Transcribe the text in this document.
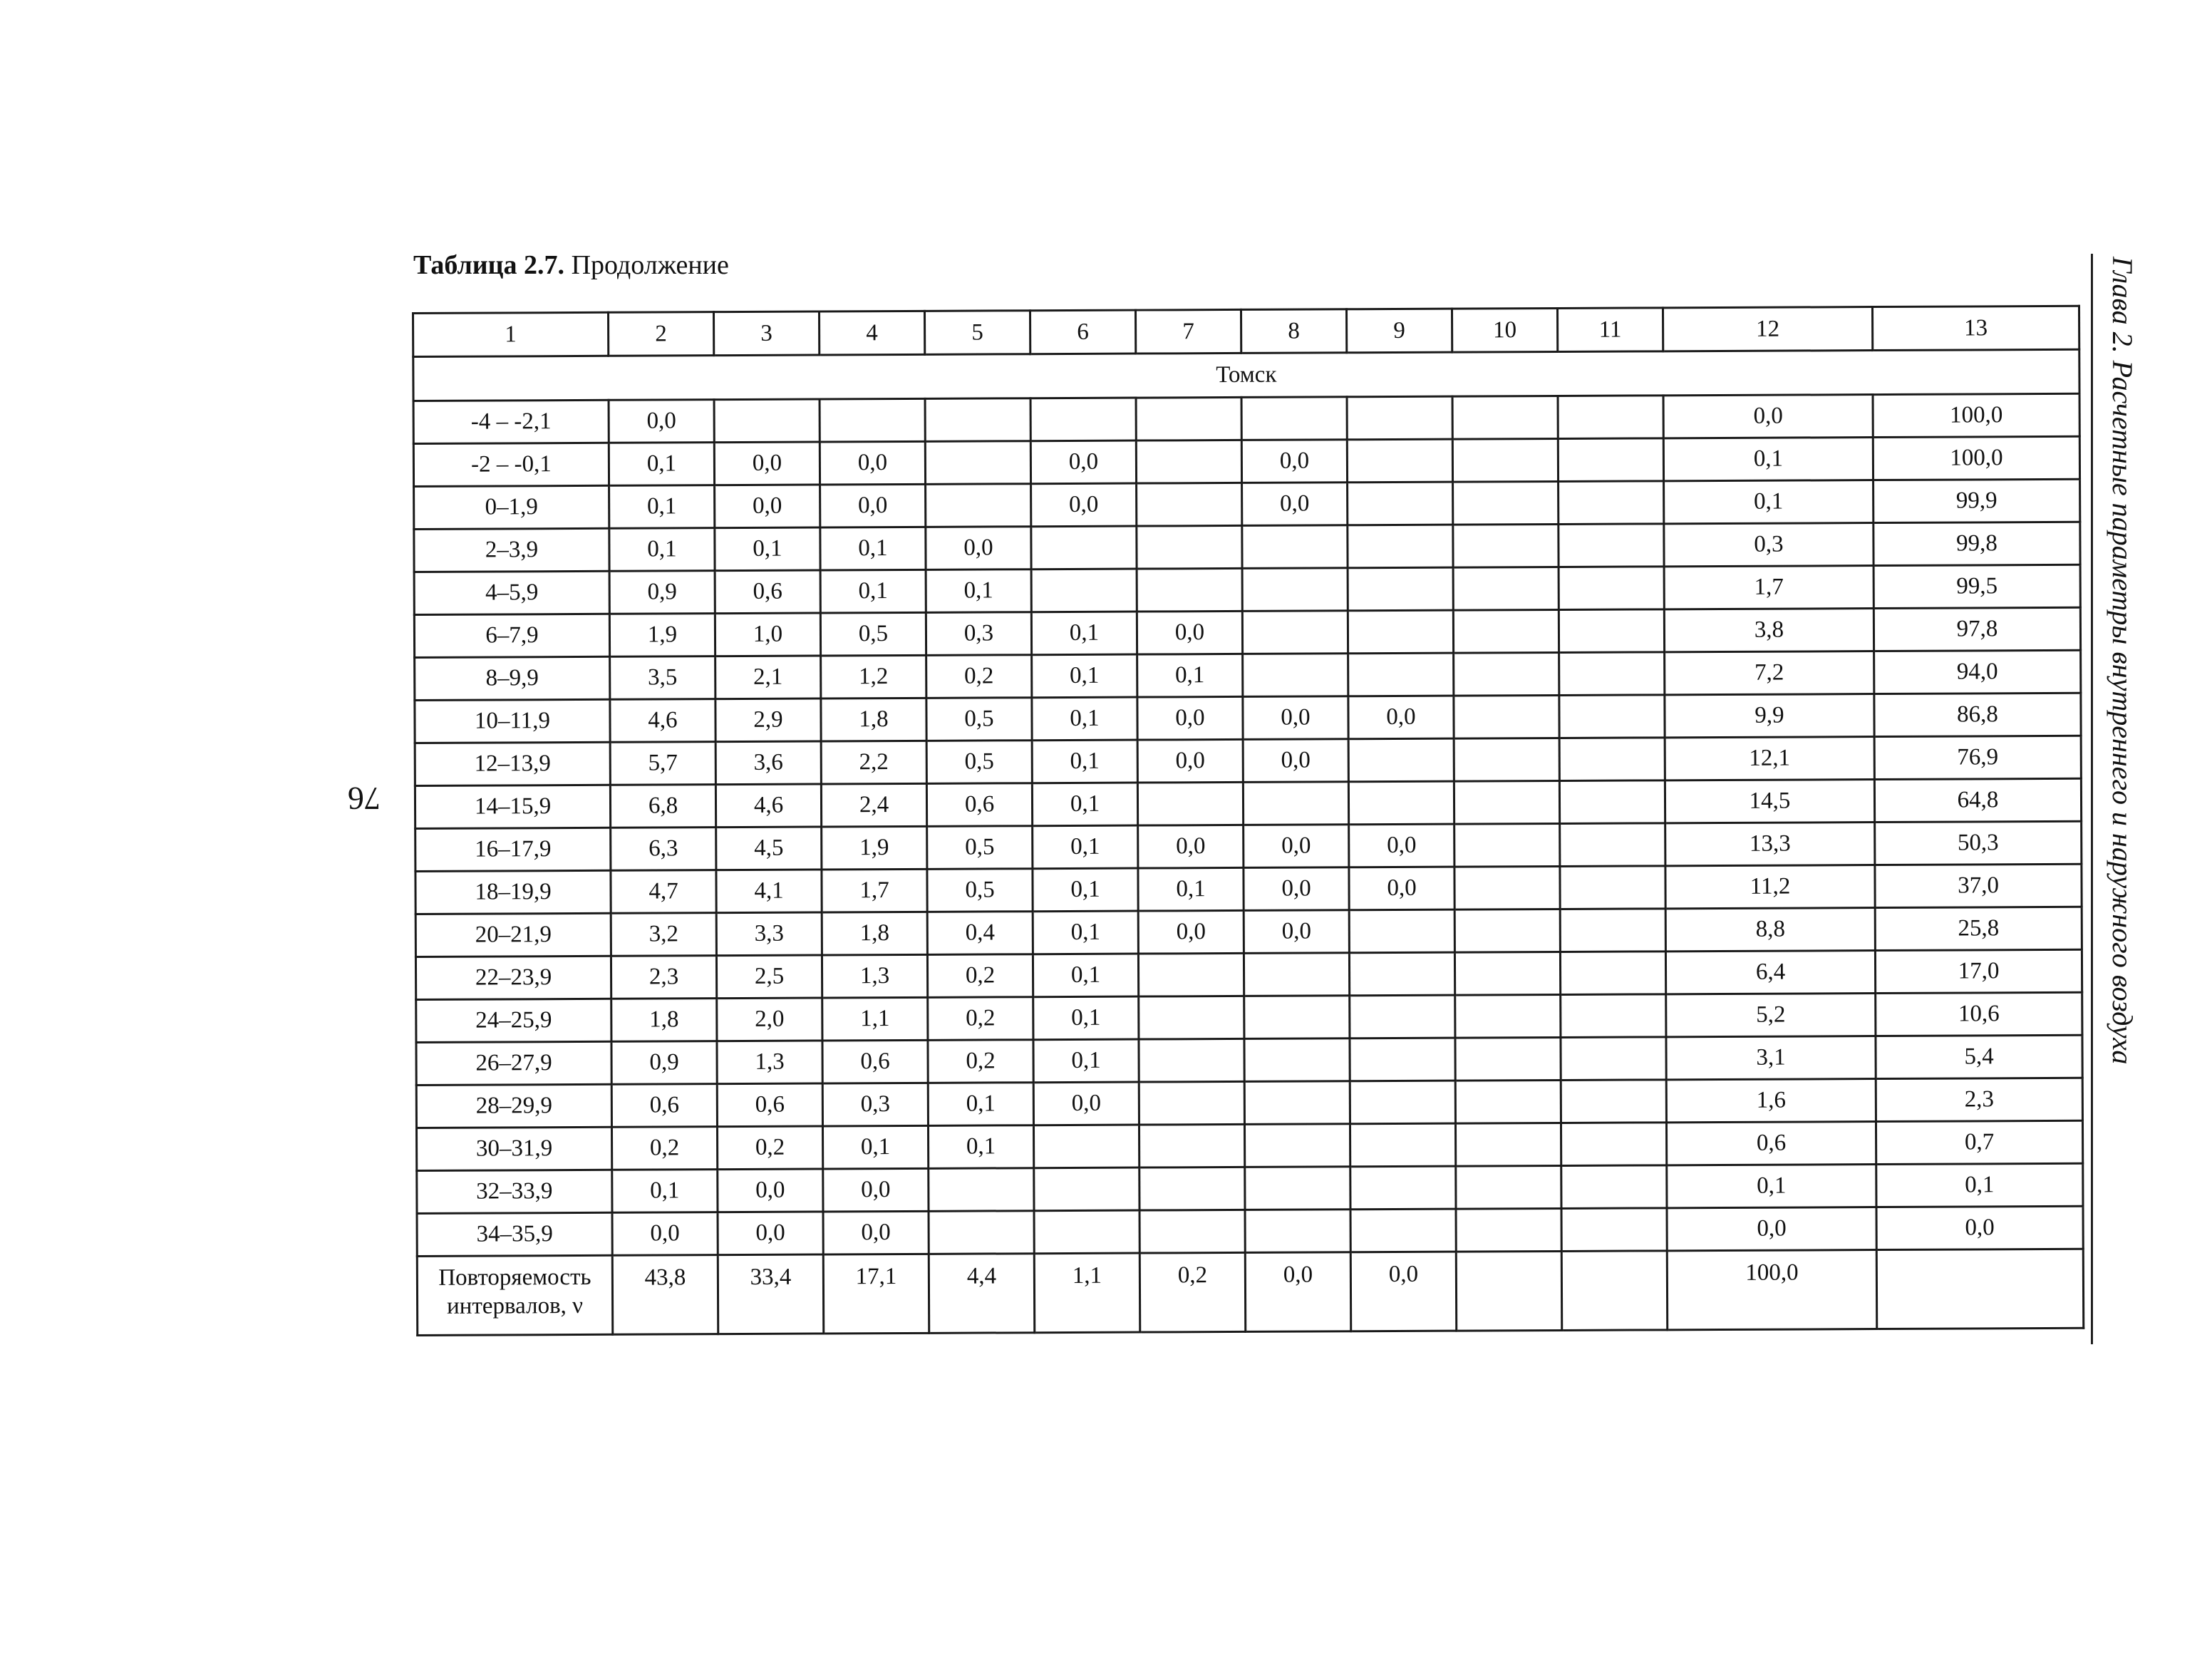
Таблица 2.7. Продолжение
76	Глава 2. Расчетные параметры внутреннего и наружного воздуха
1	2	3	4	5	6	7	8	9	10	11	12	13
Томск												
-4 – -2,1	0,0										0,0	100,0
-2 – -0,1	0,1	0,0	0,0		0,0		0,0				0,1	100,0
0–1,9	0,1	0,0	0,0		0,0		0,0				0,1	99,9
2–3,9	0,1	0,1	0,1	0,0							0,3	99,8
4–5,9	0,9	0,6	0,1	0,1							1,7	99,5
6–7,9	1,9	1,0	0,5	0,3	0,1	0,0					3,8	97,8
8–9,9	3,5	2,1	1,2	0,2	0,1	0,1					7,2	94,0
10–11,9	4,6	2,9	1,8	0,5	0,1	0,0	0,0	0,0			9,9	86,8
12–13,9	5,7	3,6	2,2	0,5	0,1	0,0	0,0				12,1	76,9
14–15,9	6,8	4,6	2,4	0,6	0,1						14,5	64,8
16–17,9	6,3	4,5	1,9	0,5	0,1	0,0	0,0	0,0			13,3	50,3
18–19,9	4,7	4,1	1,7	0,5	0,1	0,1	0,0	0,0			11,2	37,0
20–21,9	3,2	3,3	1,8	0,4	0,1	0,0	0,0				8,8	25,8
22–23,9	2,3	2,5	1,3	0,2	0,1						6,4	17,0
24–25,9	1,8	2,0	1,1	0,2	0,1						5,2	10,6
26–27,9	0,9	1,3	0,6	0,2	0,1						3,1	5,4
28–29,9	0,6	0,6	0,3	0,1	0,0						1,6	2,3
30–31,9	0,2	0,2	0,1	0,1							0,6	0,7
32–33,9	0,1	0,0	0,0								0,1	0,1
34–35,9	0,0	0,0	0,0								0,0	0,0

Повторяемость
интервалов, ν	43,8	33,4	17,1	4,4	1,1	0,2	0,0	0,0			100,0	
